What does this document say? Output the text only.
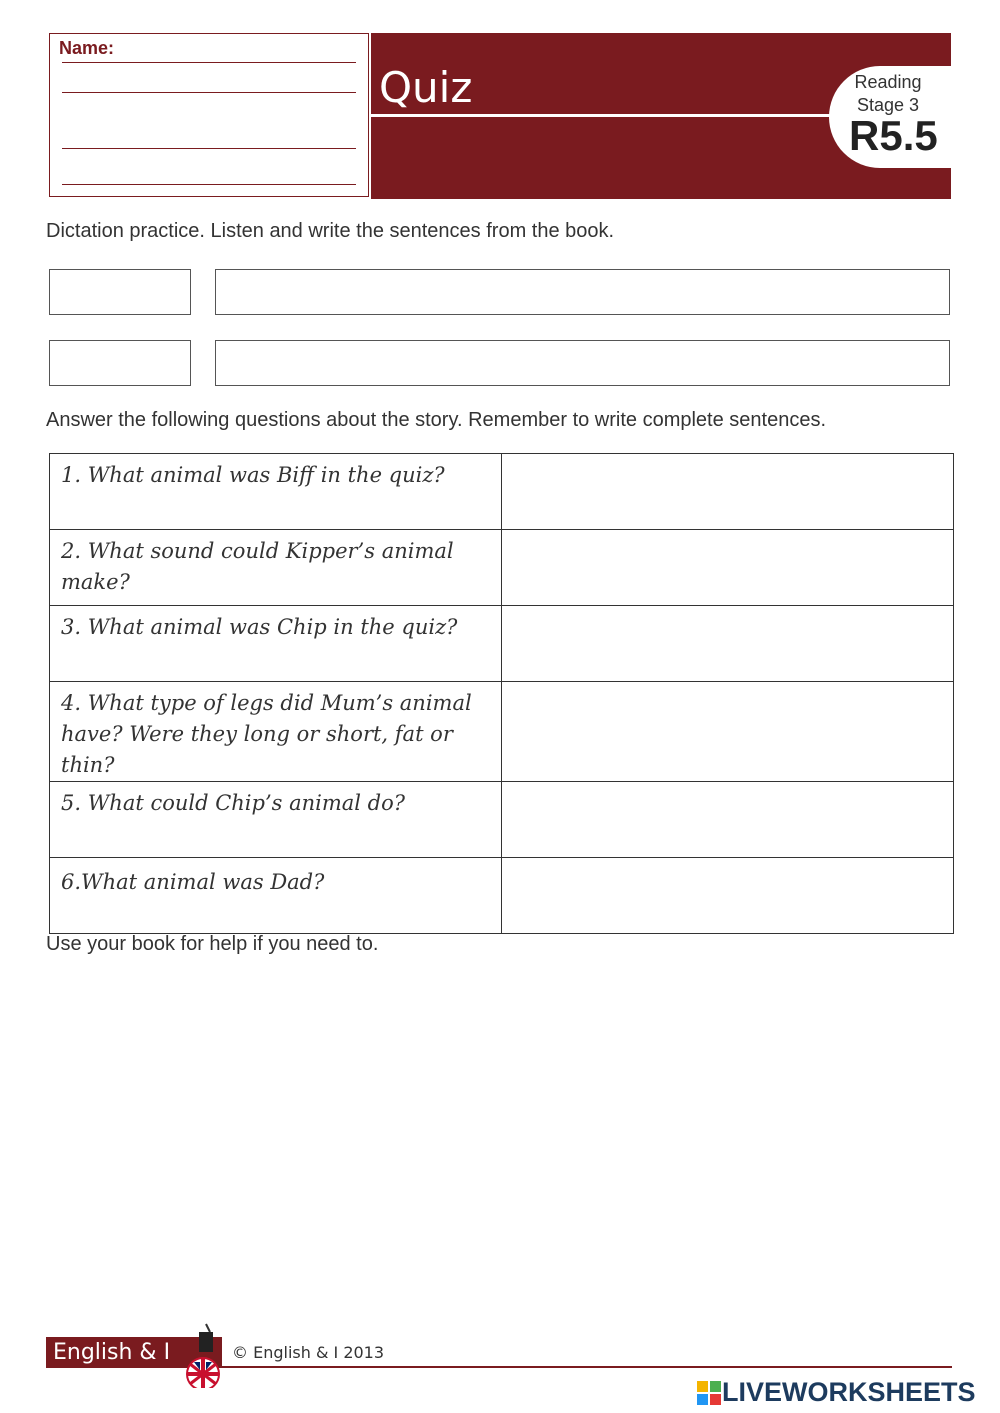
Name:
Quiz	Reading
Stage 3
R5.5
Dictation practice. Listen and write the sentences from the book.
Answer the following questions about the story. Remember to write complete sentences.
1. What animal was Biff in the quiz?	
2. What sound could Kipper’s animal make?	
3. What animal was Chip in the quiz?	
4. What type of legs did Mum’s animal have? Were they long or short, fat or thin?	
5. What could Chip’s animal do?	
6.What animal was Dad?	
Use your book for help if you need to.
English & I	© English & I 2013
LIVEWORKSHEETS
